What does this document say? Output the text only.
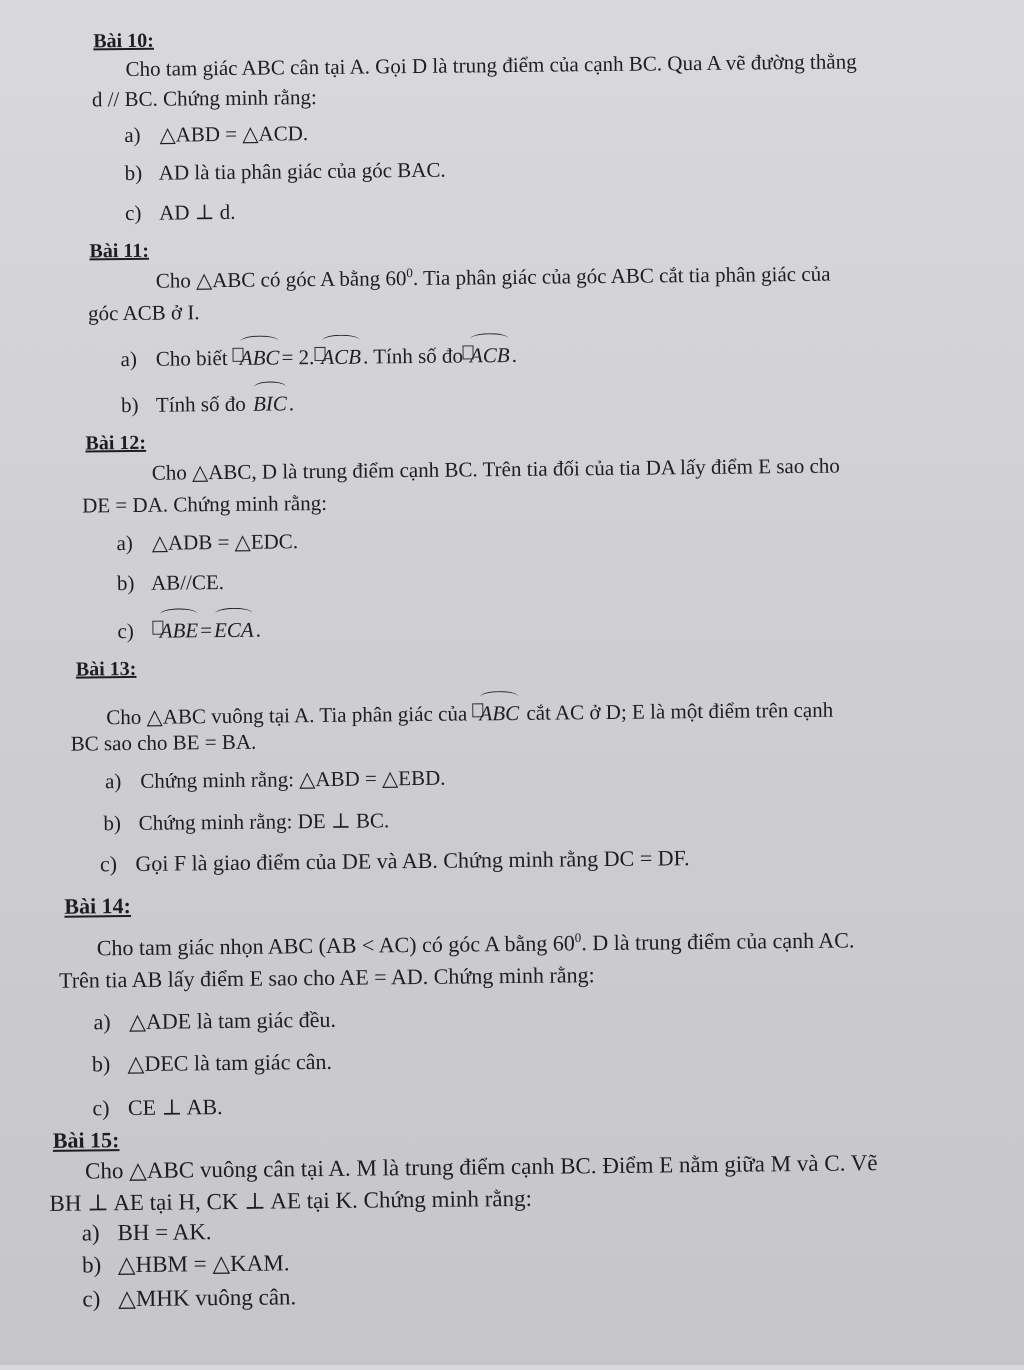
Bài 10:
Cho tam giác ABC cân tại A. Gọi D là trung điểm của cạnh BC. Qua A vẽ đường thẳng
d // BC. Chứng minh rằng:
a) △ABD = △ACD.
b) AD là tia phân giác của góc BAC.
c) AD ⊥ d.
Bài 11:
Cho △ABC có góc A bằng $60^0$. Tia phân giác của góc ABC cắt tia phân giác của
góc ACB ở I.
a) Cho biết ABC= 2. ACB. Tính số đo ACB.
b) Tính số đo BIC.
Bài 12:
Cho △ABC, D là trung điểm cạnh BC. Trên tia đối của tia DA lấy điểm E sao cho
DE = DA. Chứng minh rằng:
a) △ADB = △EDC.
b) AB//CE.
c) ABE=ECA.
Bài 13:
Cho △ABC vuông tại A. Tia phân giác của ABC cắt AC ở D; E là một điểm trên cạnh
BC sao cho BE = BA.
a) Chứng minh rằng: △ABD = △EBD.
b) Chứng minh rằng: DE ⊥ BC.
c) Gọi F là giao điểm của DE và AB. Chứng minh rằng DC = DF.
Bài 14:
Cho tam giác nhọn ABC (AB < AC) có góc A bằng $60^0$. D là trung điểm của cạnh AC.
Trên tia AB lấy điểm E sao cho AE = AD. Chứng minh rằng:
a) △ADE là tam giác đều.
b) △DEC là tam giác cân.
c) CE ⊥ AB.
Bài 15:
Cho △ABC vuông cân tại A. M là trung điểm cạnh BC. Điểm E nằm giữa M và C. Vẽ
BH ⊥ AE tại H, CK ⊥ AE tại K. Chứng minh rằng:
a) BH = AK.
b) △HBM = △KAM.
c) △MHK vuông cân.
